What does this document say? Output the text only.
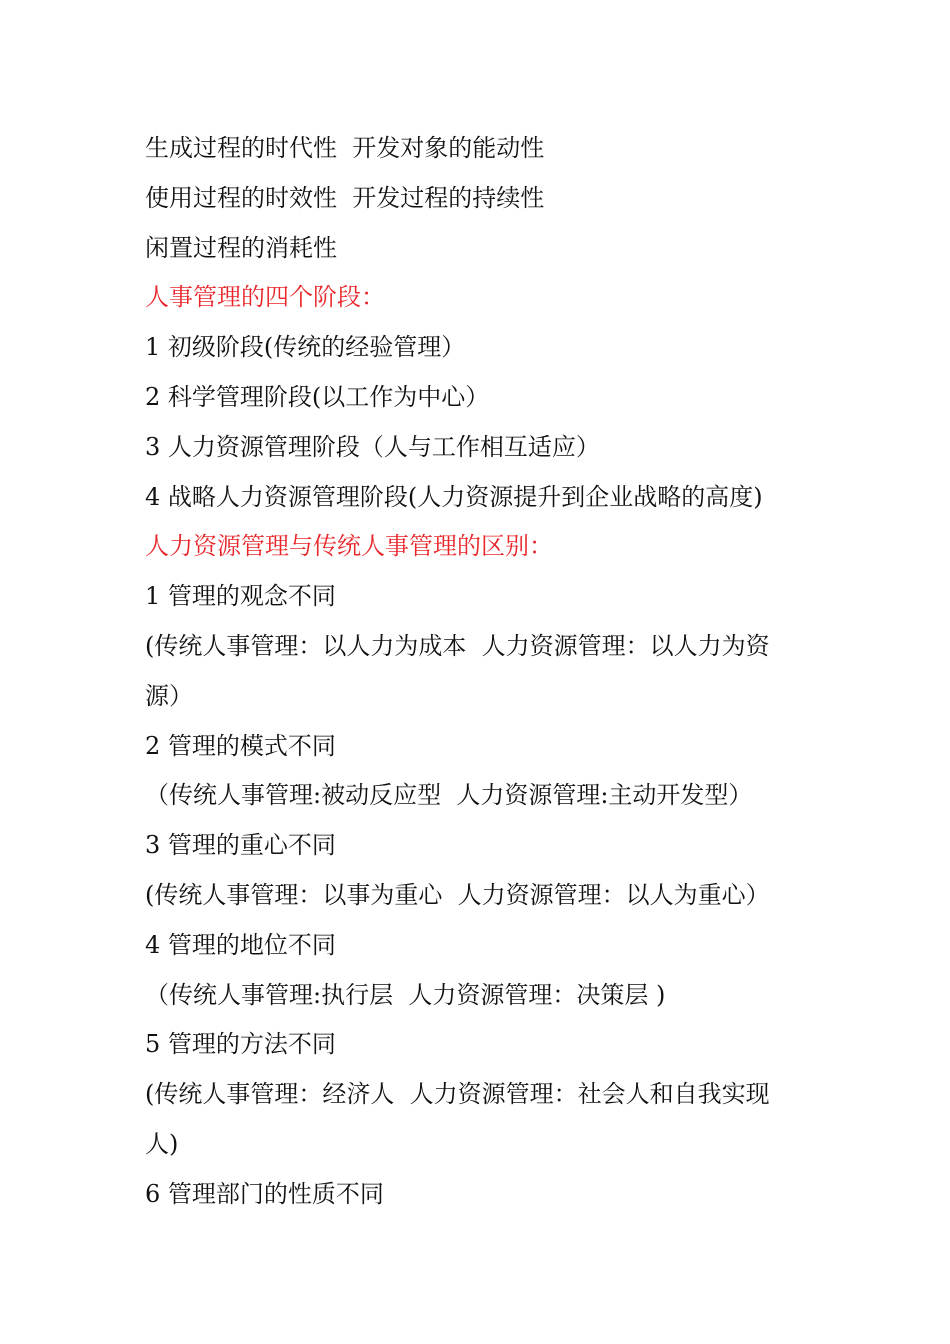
生成过程的时代性  开发对象的能动性
使用过程的时效性  开发过程的持续性
闲置过程的消耗性
人事管理的四个阶段：
1 初级阶段(传统的经验管理）
2 科学管理阶段(以工作为中心）
3 人力资源管理阶段（人与工作相互适应）
4 战略人力资源管理阶段(人力资源提升到企业战略的高度)
人力资源管理与传统人事管理的区别：
1 管理的观念不同
(传统人事管理：以人力为成本  人力资源管理：以人力为资
源）
2 管理的模式不同
（传统人事管理:被动反应型  人力资源管理:主动开发型）
3 管理的重心不同
(传统人事管理：以事为重心  人力资源管理：以人为重心）
4 管理的地位不同
（传统人事管理:执行层  人力资源管理：决策层 )
5 管理的方法不同
(传统人事管理：经济人  人力资源管理：社会人和自我实现
人)
6 管理部门的性质不同
